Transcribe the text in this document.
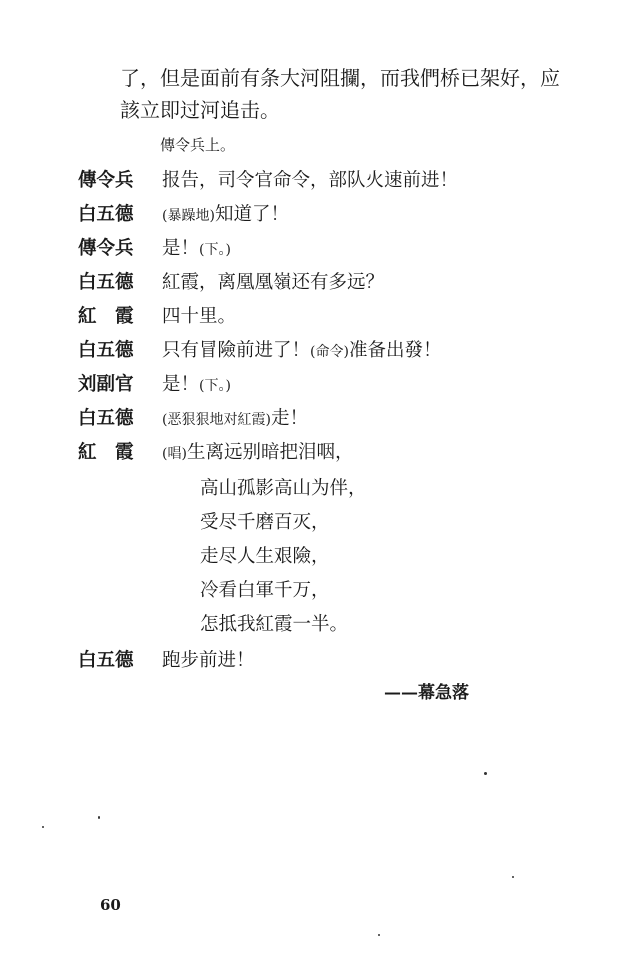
了，但是面前有条大河阻攔，而我們桥已架好，应
該立即过河追击。
傳令兵上。
傳令兵	报告，司令官命令，部队火速前进！
白五德	(暴躁地)知道了！
傳令兵	是！(下。)
白五德	紅霞，离凰凰嶺还有多远？
紅　霞	四十里。
白五德	只有冒險前进了！(命令)准备出發！
刘副官	是！(下。)
白五德	(恶狠狠地对紅霞)走！
紅　霞	(唱)生离远别暗把泪咽，
高山孤影高山为伴，
受尽千磨百灭，
走尽人生艰險，
冷看白軍千万，
怎抵我紅霞一半。
白五德	跑步前进！
——幕急落
60
